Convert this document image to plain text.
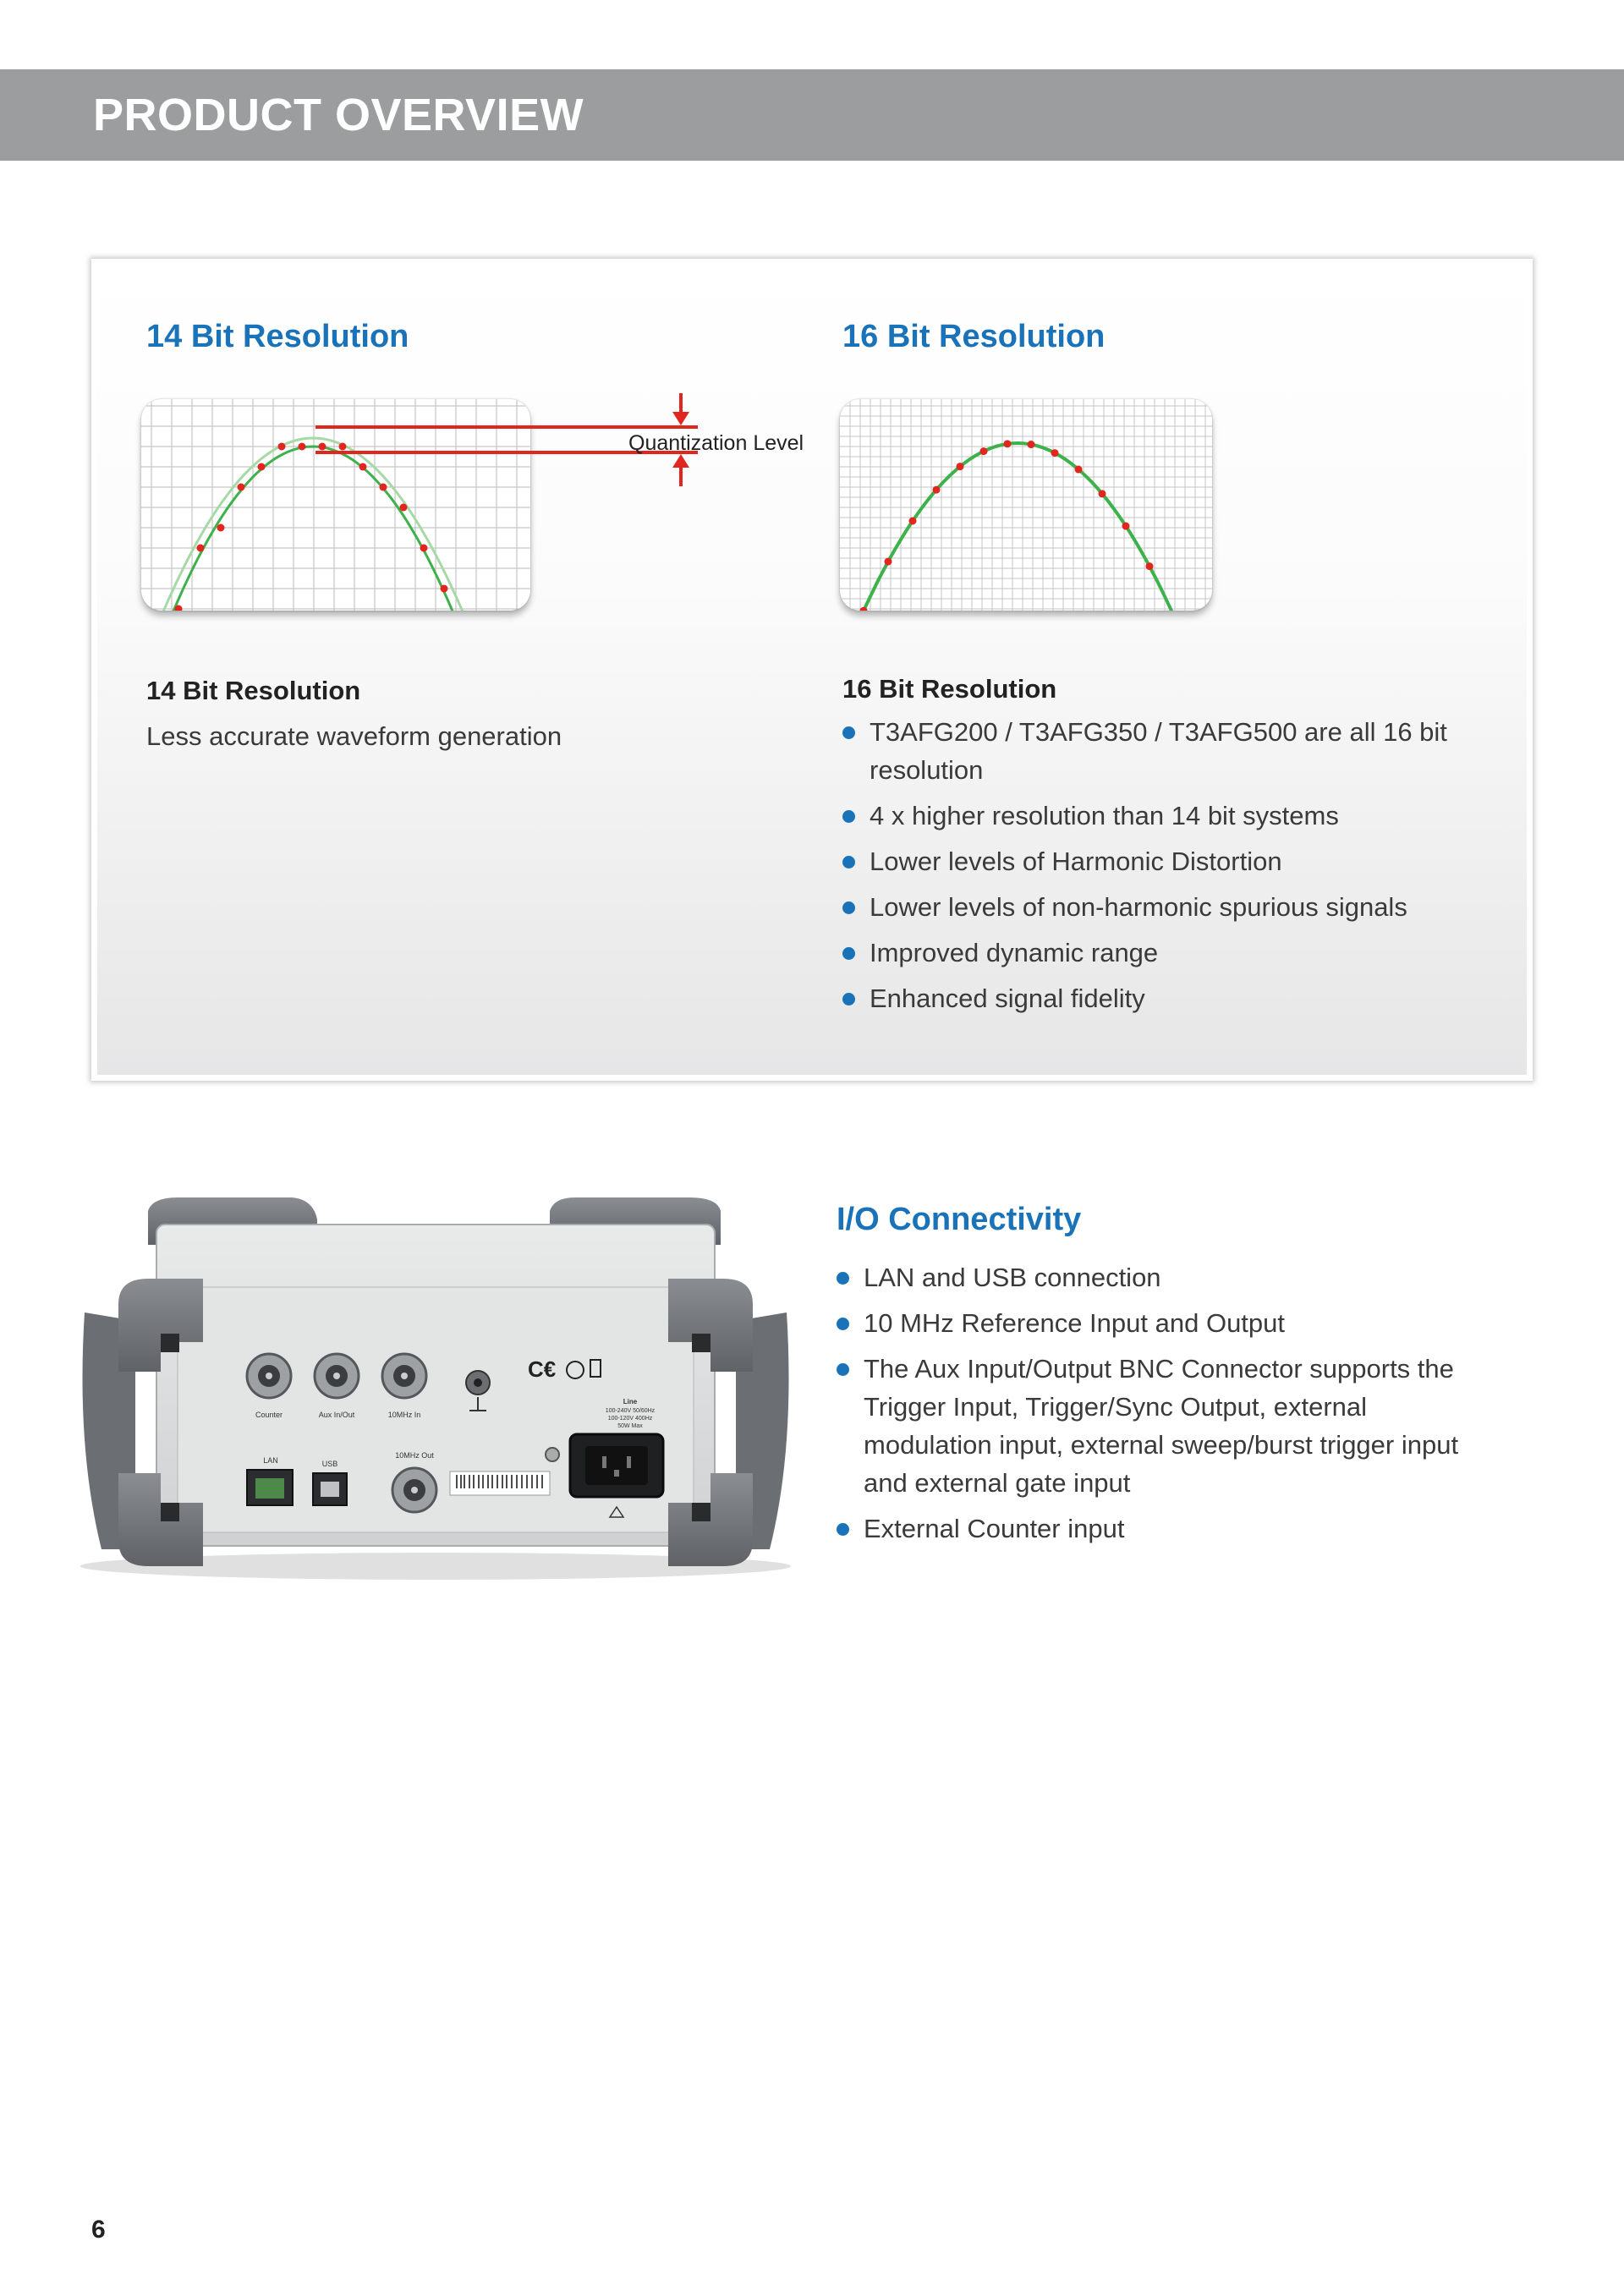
PRODUCT OVERVIEW
14 Bit Resolution	16 Bit Resolution

Quantization Level

14 Bit Resolution

Less accurate waveform generation

16 Bit Resolution
T3AFG200 / T3AFG350 / T3AFG500 are all 16 bit resolution
4 x higher resolution than 14 bit systems
Lower levels of Harmonic Distortion
Lower levels of non-harmonic spurious signals
Improved dynamic range
Enhanced signal fidelity
Counter	Aux In/Out	10MHz In
C€
Line
100-240V 50/60Hz
100-120V 400Hz
50W Max
LAN	USB
10MHz Out
I/O Connectivity
LAN and USB connection
10 MHz Reference Input and Output
The Aux Input/Output BNC Connector supports the Trigger Input, Trigger/Sync Output, external modulation input, external sweep/burst trigger input and external gate input
External Counter input

6
